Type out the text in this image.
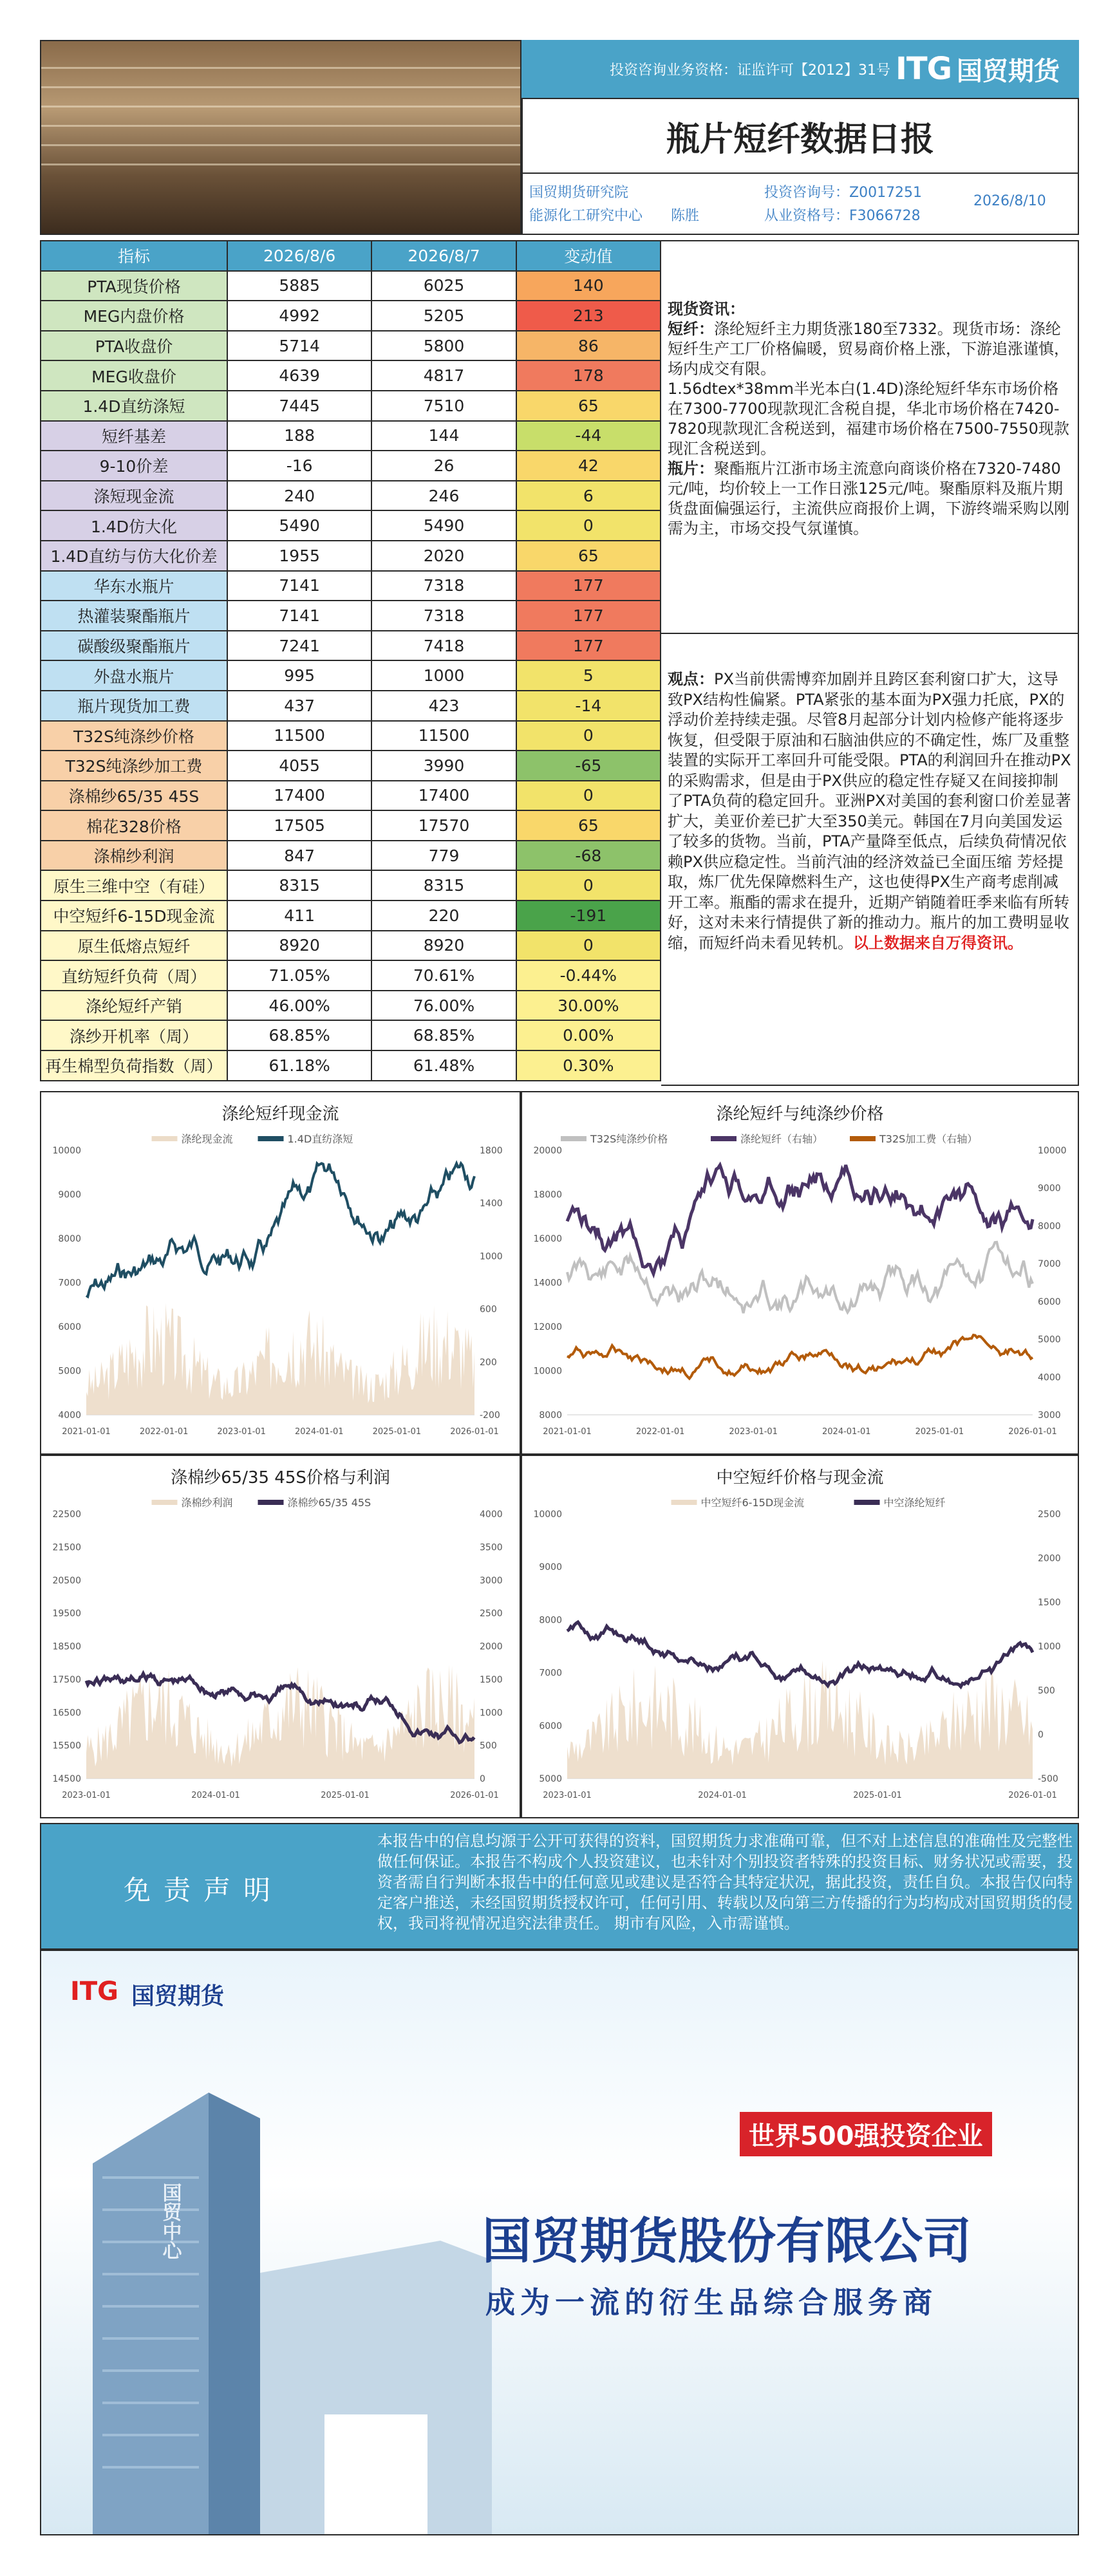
投资咨询业务资格：证监许可【2012】31号 ITG 国贸期货
瓶片短纤数据日报
国贸期货研究院
能源化工研究中心 陈胜
投资咨询号：Z0017251
从业资格号：F3066728
2026/8/10
指标	2026/8/6	2026/8/7	变动值
PTA现货价格	5885	6025	140
MEG内盘价格	4992	5205	213
PTA收盘价	5714	5800	86
MEG收盘价	4639	4817	178
1.4D直纺涤短	7445	7510	65
短纤基差	188	144	-44
9-10价差	-16	26	42
涤短现金流	240	246	6
1.4D仿大化	5490	5490	0
1.4D直纺与仿大化价差	1955	2020	65
华东水瓶片	7141	7318	177
热灌装聚酯瓶片	7141	7318	177
碳酸级聚酯瓶片	7241	7418	177
外盘水瓶片	995	1000	5
瓶片现货加工费	437	423	-14
T32S纯涤纱价格	11500	11500	0
T32S纯涤纱加工费	4055	3990	-65
涤棉纱65/35 45S	17400	17400	0
棉花328价格	17505	17570	65
涤棉纱利润	847	779	-68
原生三维中空（有硅）	8315	8315	0
中空短纤6-15D现金流	411	220	-191
原生低熔点短纤	8920	8920	0
直纺短纤负荷（周）	71.05%	70.61%	-0.44%
涤纶短纤产销	46.00%	76.00%	30.00%
涤纱开机率（周）	68.85%	68.85%	0.00%
再生棉型负荷指数（周）	61.18%	61.48%	0.30%
现货资讯：
短纤：涤纶短纤主力期货涨180至7332。现货市场：涤纶短纤生产工厂价格偏暖，贸易商价格上涨，下游追涨谨慎，场内成交有限。
1.56dtex*38mm半光本白(1.4D)涤纶短纤华东市场价格在7300-7700现款现汇含税自提，华北市场价格在7420-7820现款现汇含税送到，福建市场价格在7500-7550现款现汇含税送到。
瓶片：聚酯瓶片江浙市场主流意向商谈价格在7320-7480元/吨，均价较上一工作日涨125元/吨。聚酯原料及瓶片期货盘面偏强运行，主流供应商报价上调，下游终端采购以刚需为主，市场交投气氛谨慎。
观点：PX当前供需博弈加剧并且跨区套利窗口扩大，这导致PX结构性偏紧。PTA紧张的基本面为PX强力托底，PX的浮动价差持续走强。尽管8月起部分计划内检修产能将逐步恢复，但受限于原油和石脑油供应的不确定性，炼厂及重整装置的实际开工率回升可能受限。PTA的利润回升在推动PX的采购需求，但是由于PX供应的稳定性存疑又在间接抑制了PTA负荷的稳定回升。亚洲PX对美国的套利窗口价差显著扩大，美亚价差已扩大至350美元。韩国在7月向美国发运了较多的货物。当前，PTA产量降至低点，后续负荷情况依赖PX供应稳定性。当前汽油的经济效益已全面压缩 芳烃提取，炼厂优先保障燃料生产，这也使得PX生产商考虑削减开工率。瓶酯的需求在提升，近期产销随着旺季来临有所转好，这对未来行情提供了新的推动力。瓶片的加工费明显收缩，而短纤尚未看见转机。以上数据来自万得资讯。
涤纶短纤现金流
涤纶现金流	1.4D直纺涤短
10000
9000
8000
7000
6000
5000
4000
1800
1400
1000
600
200
-200
2021-01-01	2022-01-01	2023-01-01	2024-01-01	2025-01-01	2026-01-01
涤纶短纤与纯涤纱价格
T32S纯涤纱价格	涤纶短纤（右轴）	T32S加工费（右轴）
20000
18000
16000
14000
12000
10000
8000
10000
9000
8000
7000
6000
5000
4000
3000
2021-01-01	2022-01-01	2023-01-01	2024-01-01	2025-01-01	2026-01-01
涤棉纱65/35 45S价格与利润
涤棉纱利润	涤棉纱65/35 45S
22500
21500
20500
19500
18500
17500
16500
15500
14500
4000
3500
3000
2500
2000
1500
1000
500
0
2023-01-01	2024-01-01	2025-01-01	2026-01-01
中空短纤价格与现金流
中空短纤6-15D现金流	中空涤纶短纤
10000
9000
8000
7000
6000
5000
2500
2000
1500
1000
500
0
-500
2023-01-01	2024-01-01	2025-01-01	2026-01-01
免责声明
本报告中的信息均源于公开可获得的资料，国贸期货力求准确可靠，但不对上述信息的准确性及完整性做任何保证。本报告不构成个人投资建议，也未针对个别投资者特殊的投资目标、财务状况或需要，投资者需自行判断本报告中的任何意见或建议是否符合其特定状况，据此投资，责任自负。本报告仅向特定客户推送，未经国贸期货授权许可，任何引用、转载以及向第三方传播的行为均构成对国贸期货的侵权，我司将视情况追究法律责任。 期市有风险，入市需谨慎。
ITG 国贸期货
国贸中心
世界500强投资企业
国贸期货股份有限公司
成为一流的衍生品综合服务商
